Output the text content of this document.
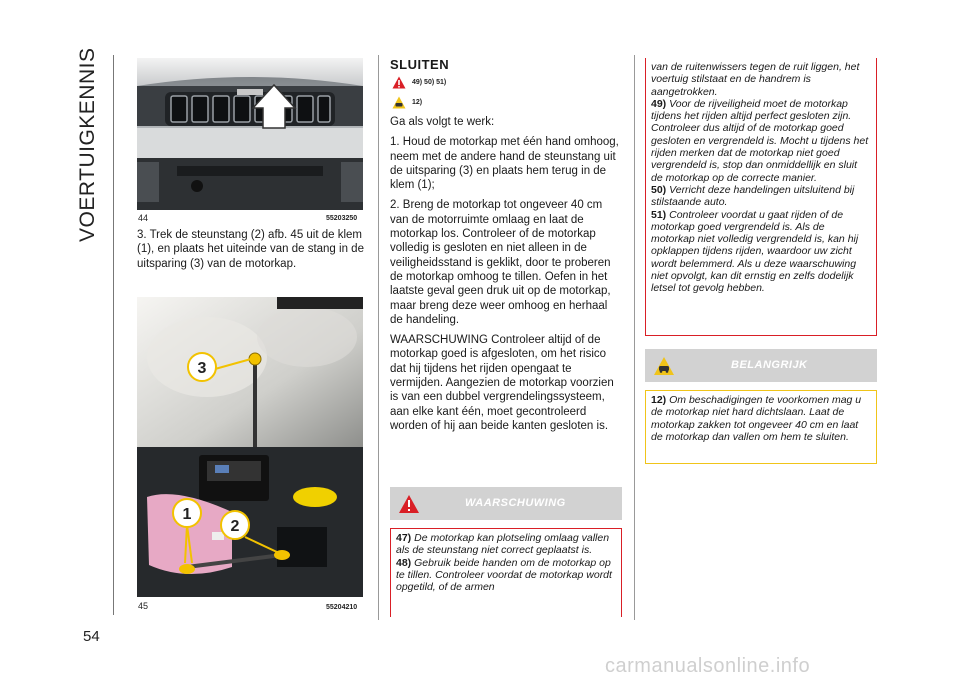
VOERTUIGKENNIS	44	55203250

3. Trek de steunstang (2) afb. 45 uit de klem (1), en plaats het uiteinde van de stang in de uitsparing (3) van de motorkap.

3
1
2
45	55204210
SLUITEN
49) 50) 51)
12)

Ga als volgt te werk:

1. Houd de motorkap met één hand omhoog, neem met de andere hand de steunstang uit de uitsparing (3) en plaats hem terug in de klem (1);

2. Breng de motorkap tot ongeveer 40 cm van de motorruimte omlaag en laat de motorkap los. Controleer of de motorkap volledig is gesloten en niet alleen in de veiligheidsstand is geklikt, door te proberen de motorkap omhoog te tillen. Oefen in het laatste geval geen druk uit op de motorkap, maar breng deze weer omhoog en herhaal de handeling.

WAARSCHUWING Controleer altijd of de motorkap goed is afgesloten, om het risico dat hij tijdens het rijden opengaat te vermijden. Aangezien de motorkap voorzien is van een dubbel vergrendelingssysteem, aan elke kant één, moet gecontroleerd worden of hij aan beide kanten gesloten is.

WAARSCHUWING

47) De motorkap kan plotseling omlaag vallen als de steunstang niet correct geplaatst is.

48) Gebruik beide handen om de motorkap op te tillen. Controleer voordat de motorkap wordt opgetild, of de armen

van de ruitenwissers tegen de ruit liggen, het voertuig stilstaat en de handrem is aangetrokken.

49) Voor de rijveiligheid moet de motorkap tijdens het rijden altijd perfect gesloten zijn. Controleer dus altijd of de motorkap goed gesloten en vergrendeld is. Mocht u tijdens het rijden merken dat de motorkap niet goed vergrendeld is, stop dan onmiddellijk en sluit de motorkap op de correcte manier.

50) Verricht deze handelingen uitsluitend bij stilstaande auto.

51) Controleer voordat u gaat rijden of de motorkap goed vergrendeld is. Als de motorkap niet volledig vergrendeld is, kan hij opklappen tijdens rijden, waardoor uw zicht wordt belemmerd. Als u deze waarschuwing niet opvolgt, kan dit ernstig en zelfs dodelijk letsel tot gevolg hebben.

BELANGRIJK

12) Om beschadigingen te voorkomen mag u de motorkap niet hard dichtslaan. Laat de motorkap zakken tot ongeveer 40 cm en laat de motorkap dan vallen om hem te sluiten.

54
carmanualsonline.info
